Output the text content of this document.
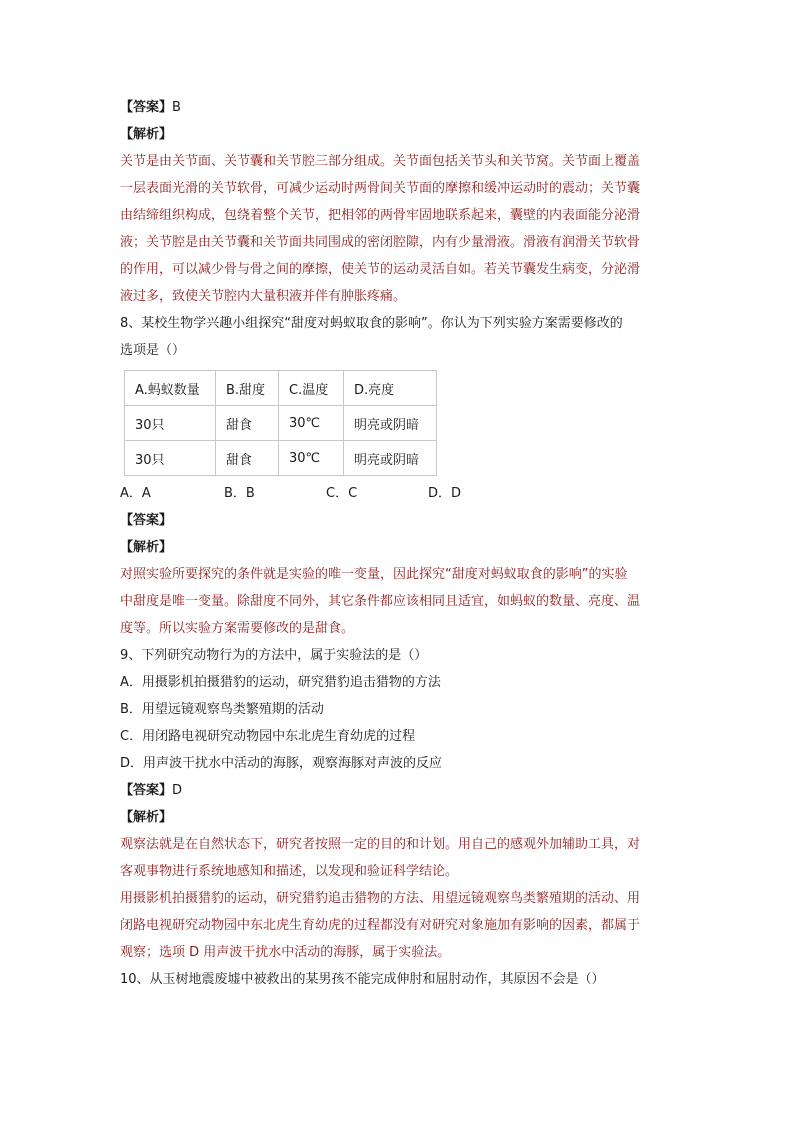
【答案】B
【解析】
关节是由关节面、关节囊和关节腔三部分组成。关节面包括关节头和关节窝。关节面上覆盖
一层表面光滑的关节软骨，可减少运动时两骨间关节面的摩擦和缓冲运动时的震动；关节囊
由结缔组织构成，包绕着整个关节，把相邻的两骨牢固地联系起来，囊壁的内表面能分泌滑
液；关节腔是由关节囊和关节面共同围成的密闭腔隙，内有少量滑液。滑液有润滑关节软骨
的作用，可以减少骨与骨之间的摩擦，使关节的运动灵活自如。若关节囊发生病变，分泌滑
液过多，致使关节腔内大量积液并伴有肿胀疼痛。
8、某校生物学兴趣小组探究“甜度对蚂蚁取食的影响”。你认为下列实验方案需要修改的
选项是（）
A.蚂蚁数量	B.甜度	C.温度	D.亮度
30只	甜食	30℃	明亮或阴暗
30只	甜食	30℃	明亮或阴暗
A．A	B．B	C．C	D．D
【答案】
【解析】
对照实验所要探究的条件就是实验的唯一变量，因此探究“甜度对蚂蚁取食的影响”的实验
中甜度是唯一变量。除甜度不同外，其它条件都应该相同且适宜，如蚂蚁的数量、亮度、温
度等。所以实验方案需要修改的是甜食。
9、下列研究动物行为的方法中，属于实验法的是（）
A．用摄影机拍摄猎豹的运动，研究猎豹追击猎物的方法
B．用望远镜观察鸟类繁殖期的活动
C．用闭路电视研究动物园中东北虎生育幼虎的过程
D．用声波干扰水中活动的海豚，观察海豚对声波的反应
【答案】D
【解析】
观察法就是在自然状态下，研究者按照一定的目的和计划。用自己的感观外加辅助工具，对
客观事物进行系统地感知和描述，以发现和验证科学结论。
用摄影机拍摄猎豹的运动，研究猎豹追击猎物的方法、用望远镜观察鸟类繁殖期的活动、用
闭路电视研究动物园中东北虎生育幼虎的过程都没有对研究对象施加有影响的因素，都属于
观察；选项 D 用声波干扰水中活动的海豚，属于实验法。
10、从玉树地震废墟中被救出的某男孩不能完成伸肘和屈肘动作，其原因不会是（）
